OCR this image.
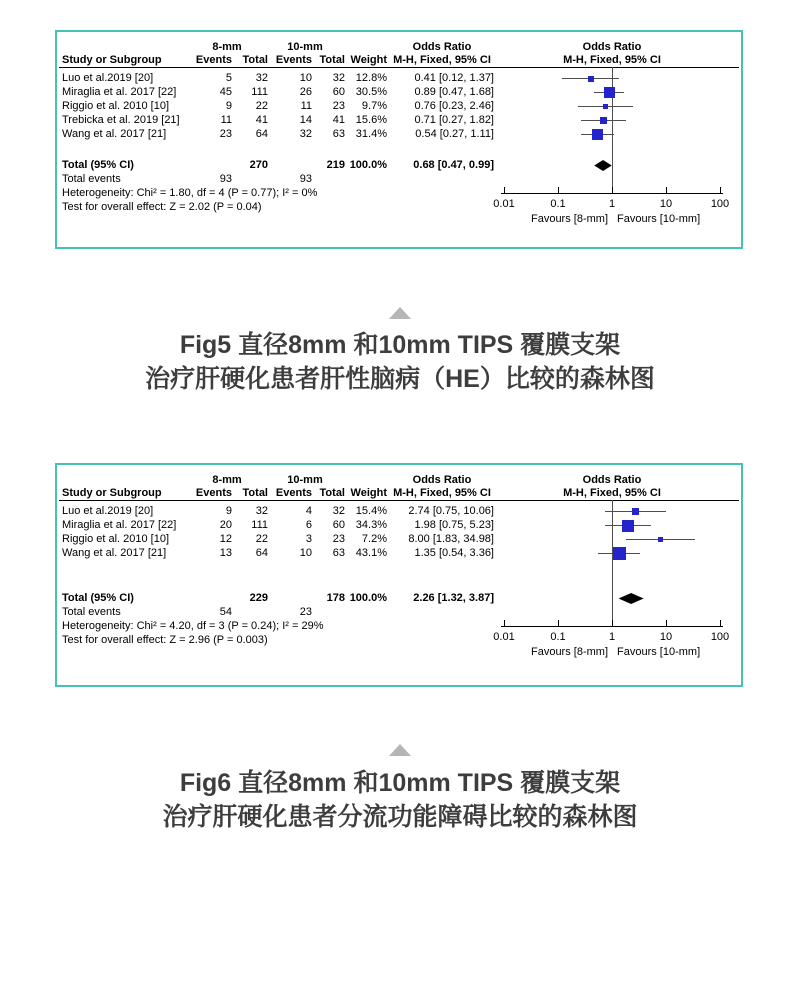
8-mm	10-mm	Odds Ratio	Odds Ratio
Study or Subgroup	Events Total Events Total Weight M-H, Fixed, 95% CI	M-H, Fixed, 95% CI
Luo et al.2019 [20]	5 32	10 32 12.8% 0.41 [0.12, 1.37]
Miraglia et al. 2017 [22]	45 111	26 60 30.5% 0.89 [0.47, 1.68]
Riggio et al. 2010 [10]	9 22	11 23 9.7% 0.76 [0.23, 2.46]
Trebicka et al. 2019 [21]	11 41	14 41 15.6% 0.71 [0.27, 1.82]
Wang et al. 2017 [21]	23 64	32 63 31.4%	0.54 [0.27, 1.11]
Total (95% CI)	270	219 100.0% 0.68 [0.47, 0.99]
Total events	93	93
Heterogeneity: Chi² = 1.80, df = 4 (P = 0.77); I² = 0%
Test for overall effect: Z = 2.02 (P = 0.04)	0.01	0.1	1	10	100
Favours [8-mm] Favours [10-mm]
Fig5 直径8mm 和10mm TIPS 覆膜支架
治疗肝硬化患者肝性脑病（HE）比较的森林图
8-mm	10-mm	Odds Ratio	Odds Ratio
Study or Subgroup	Events Total Events Total Weight M-H, Fixed, 95% CI	M-H, Fixed, 95% CI
Luo et al.2019 [20]	9 32	4 32 15.4% 2.74 [0.75, 10.06]
Miraglia et al. 2017 [22]	20 111	6 60 34.3% 1.98 [0.75, 5.23]
Riggio et al. 2010 [10]	12 22	3 23 7.2% 8.00 [1.83, 34.98]
Wang et al. 2017 [21]	13 64	10 63 43.1% 1.35 [0.54, 3.36]
Total (95% CI)	229	178 100.0% 2.26 [1.32, 3.87]
Total events	54	23
Heterogeneity: Chi² = 4.20, df = 3 (P = 0.24); I² = 29%
Test for overall effect: Z = 2.96 (P = 0.003)	0.01	0.1	1	10	100
Favours [8-mm] Favours [10-mm]
Fig6 直径8mm 和10mm TIPS 覆膜支架
治疗肝硬化患者分流功能障碍比较的森林图
